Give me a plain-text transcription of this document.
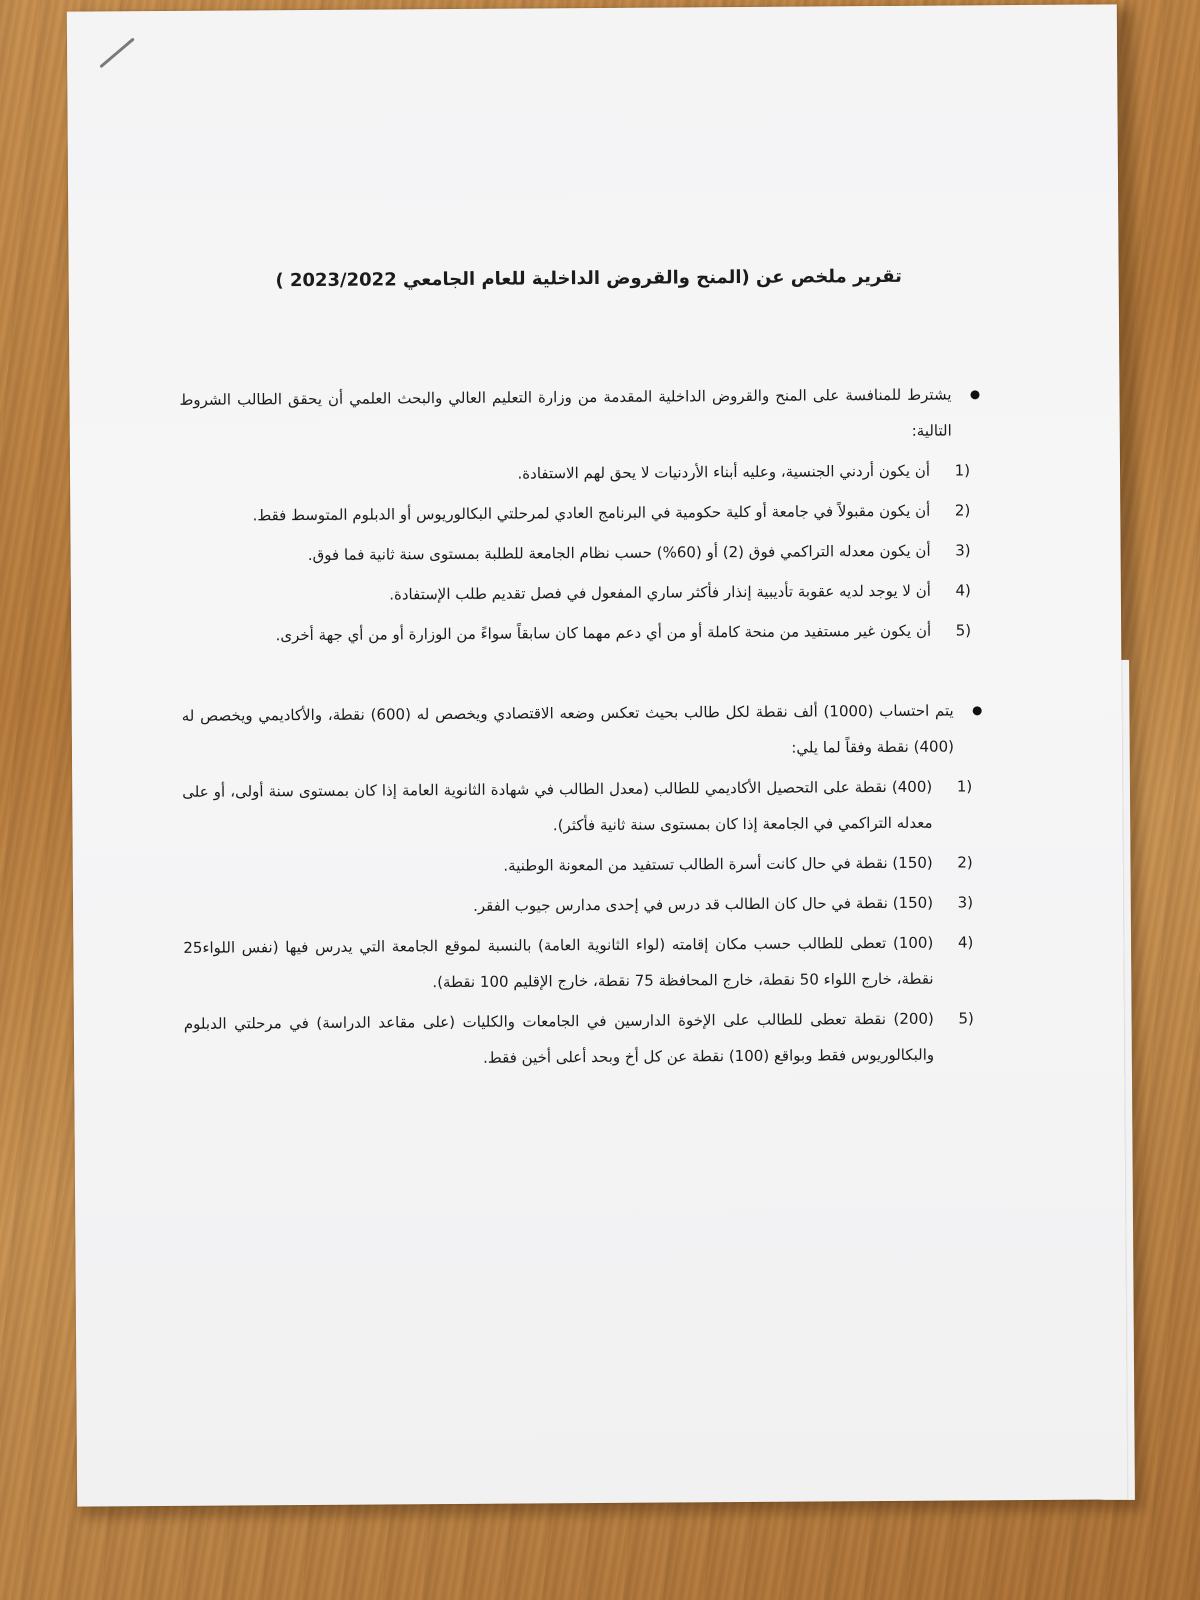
تقرير ملخص عن (المنح والقروض الداخلية للعام الجامعي 2023/2022 )

يشترط للمنافسة على المنح والقروض الداخلية المقدمة من وزارة التعليم العالي والبحث العلمي أن يحقق الطالب الشروط التالية:

1)
أن يكون أردني الجنسية، وعليه أبناء الأردنيات لا يحق لهم الاستفادة.
2)
أن يكون مقبولاً في جامعة أو كلية حكومية في البرنامج العادي لمرحلتي البكالوريوس أو الدبلوم المتوسط فقط.
3)
أن يكون معدله التراكمي فوق (2) أو (60%) حسب نظام الجامعة للطلبة بمستوى سنة ثانية فما فوق.
4)
أن لا يوجد لديه عقوبة تأديبية إنذار فأكثر ساري المفعول في فصل تقديم طلب الإستفادة.
5)
أن يكون غير مستفيد من منحة كاملة أو من أي دعم مهما كان سابقاً سواءً من الوزارة أو من أي جهة أخرى.

يتم احتساب (1000) ألف نقطة لكل طالب بحيث تعكس وضعه الاقتصادي ويخصص له (600) نقطة، والأكاديمي ويخصص له (400) نقطة وفقاً لما يلي:

1)
(400) نقطة على التحصيل الأكاديمي للطالب (معدل الطالب في شهادة الثانوية العامة إذا كان بمستوى سنة أولى، أو على معدله التراكمي في الجامعة إذا كان بمستوى سنة ثانية فأكثر).
2)
(150) نقطة في حال كانت أسرة الطالب تستفيد من المعونة الوطنية.
3)
(150) نقطة في حال كان الطالب قد درس في إحدى مدارس جيوب الفقر.
4)
(100) تعطى للطالب حسب مكان إقامته (لواء الثانوية العامة) بالنسبة لموقع الجامعة التي يدرس فيها (نفس اللواء25 نقطة، خارج اللواء 50 نقطة، خارج المحافظة 75 نقطة، خارج الإقليم 100 نقطة).
5)
(200) نقطة تعطى للطالب على الإخوة الدارسين في الجامعات والكليات (على مقاعد الدراسة) في مرحلتي الدبلوم والبكالوريوس فقط وبواقع (100) نقطة عن كل أخ وبحد أعلى أخين فقط.
